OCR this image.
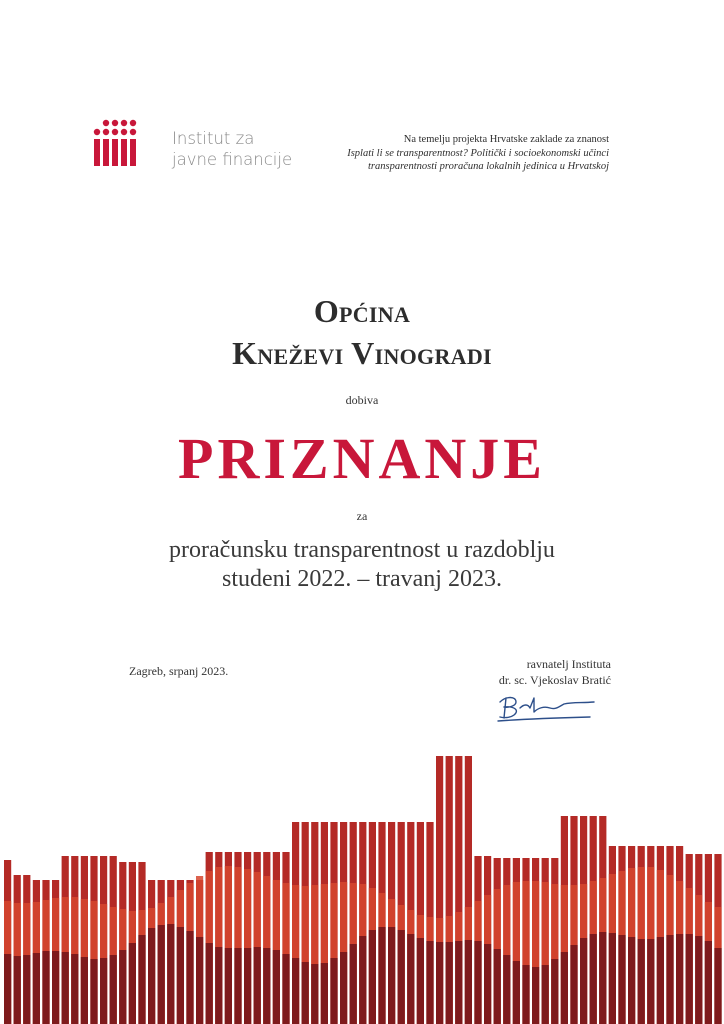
Institut za
javne financije
Na temelju projekta Hrvatske zaklade za znanost
Isplati li se transparentnost? Politički i socioekonomski učinci
transparentnosti proračuna lokalnih jedinica u Hrvatskoj
Općina
Kneževi Vinogradi
dobiva
PRIZNANJE
za
proračunsku transparentnost u razdoblju
studeni 2022. – travanj 2023.
Zagreb, srpanj 2023.	ravnatelj Instituta
dr. sc. Vjekoslav Bratić
